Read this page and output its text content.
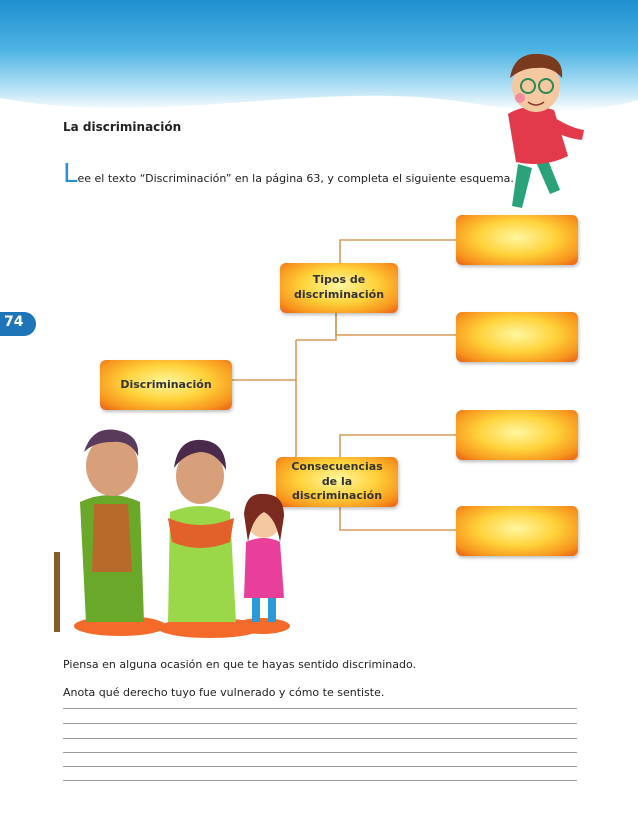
74
La discriminación
Lee el texto “Discriminación” en la página 63, y completa el siguiente esquema.
Discriminación
Tipos de
discriminación
Consecuencias
de la discriminación
Piensa en alguna ocasión en que te hayas sentido discriminado.
Anota qué derecho tuyo fue vulnerado y cómo te sentiste.
